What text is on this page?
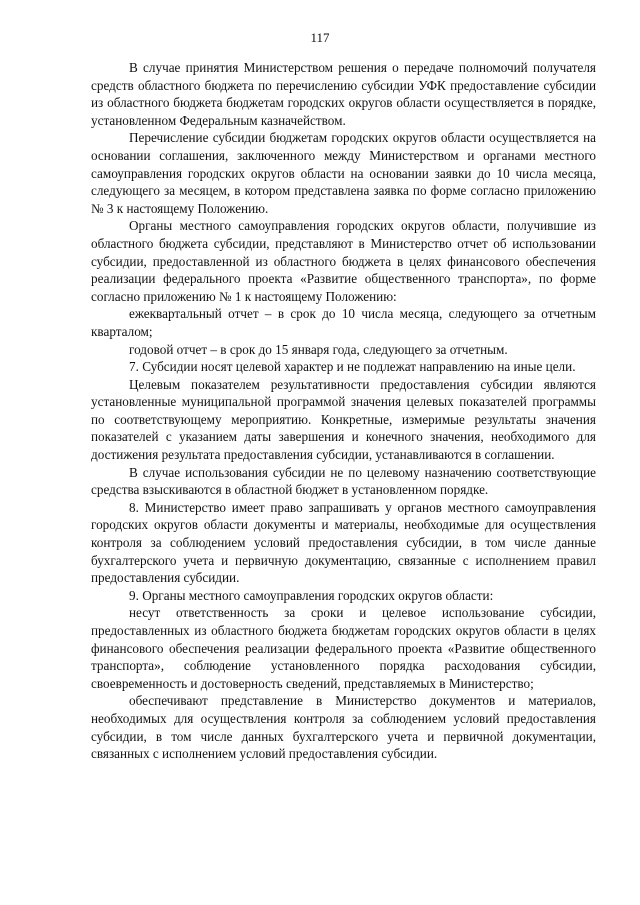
117

В случае принятия Министерством решения о передаче полномочий получателя средств областного бюджета по перечислению субсидии УФК предоставление субсидии из областного бюджета бюджетам городских округов области осуществляется в порядке, установленном Федеральным казначейством.

Перечисление субсидии бюджетам городских округов области осуществляется на основании соглашения, заключенного между Министерством и органами местного самоуправления городских округов области на основании заявки до 10 числа месяца, следующего за месяцем, в котором представлена заявка по форме согласно приложению № 3 к настоящему Положению.

Органы местного самоуправления городских округов области, получившие из областного бюджета субсидии, представляют в Министерство отчет об использовании субсидии, предоставленной из областного бюджета в целях финансового обеспечения реализации федерального проекта «Развитие общественного транспорта», по форме согласно приложению № 1 к настоящему Положению:

ежеквартальный отчет – в срок до 10 числа месяца, следующего за отчетным кварталом;

годовой отчет – в срок до 15 января года, следующего за отчетным.

7. Субсидии носят целевой характер и не подлежат направлению на иные цели.

Целевым показателем результативности предоставления субсидии являются установленные муниципальной программой значения целевых показателей программы по соответствующему мероприятию. Конкретные, измеримые результаты значения показателей с указанием даты завершения и конечного значения, необходимого для достижения результата предоставления субсидии, устанавливаются в соглашении.

В случае использования субсидии не по целевому назначению соответствующие средства взыскиваются в областной бюджет в установленном порядке.

8. Министерство имеет право запрашивать у органов местного самоуправления городских округов области документы и материалы, необходимые для осуществления контроля за соблюдением условий предоставления субсидии, в том числе данные бухгалтерского учета и первичную документацию, связанные с исполнением правил предоставления субсидии.

9. Органы местного самоуправления городских округов области:

несут ответственность за сроки и целевое использование субсидии, предоставленных из областного бюджета бюджетам городских округов области в целях финансового обеспечения реализации федерального проекта «Развитие общественного транспорта», соблюдение установленного порядка расходования субсидии, своевременность и достоверность сведений, представляемых в Министерство;

обеспечивают представление в Министерство документов и материалов, необходимых для осуществления контроля за соблюдением условий предоставления субсидии, в том числе данных бухгалтерского учета и первичной документации, связанных с исполнением условий предоставления субсидии.
